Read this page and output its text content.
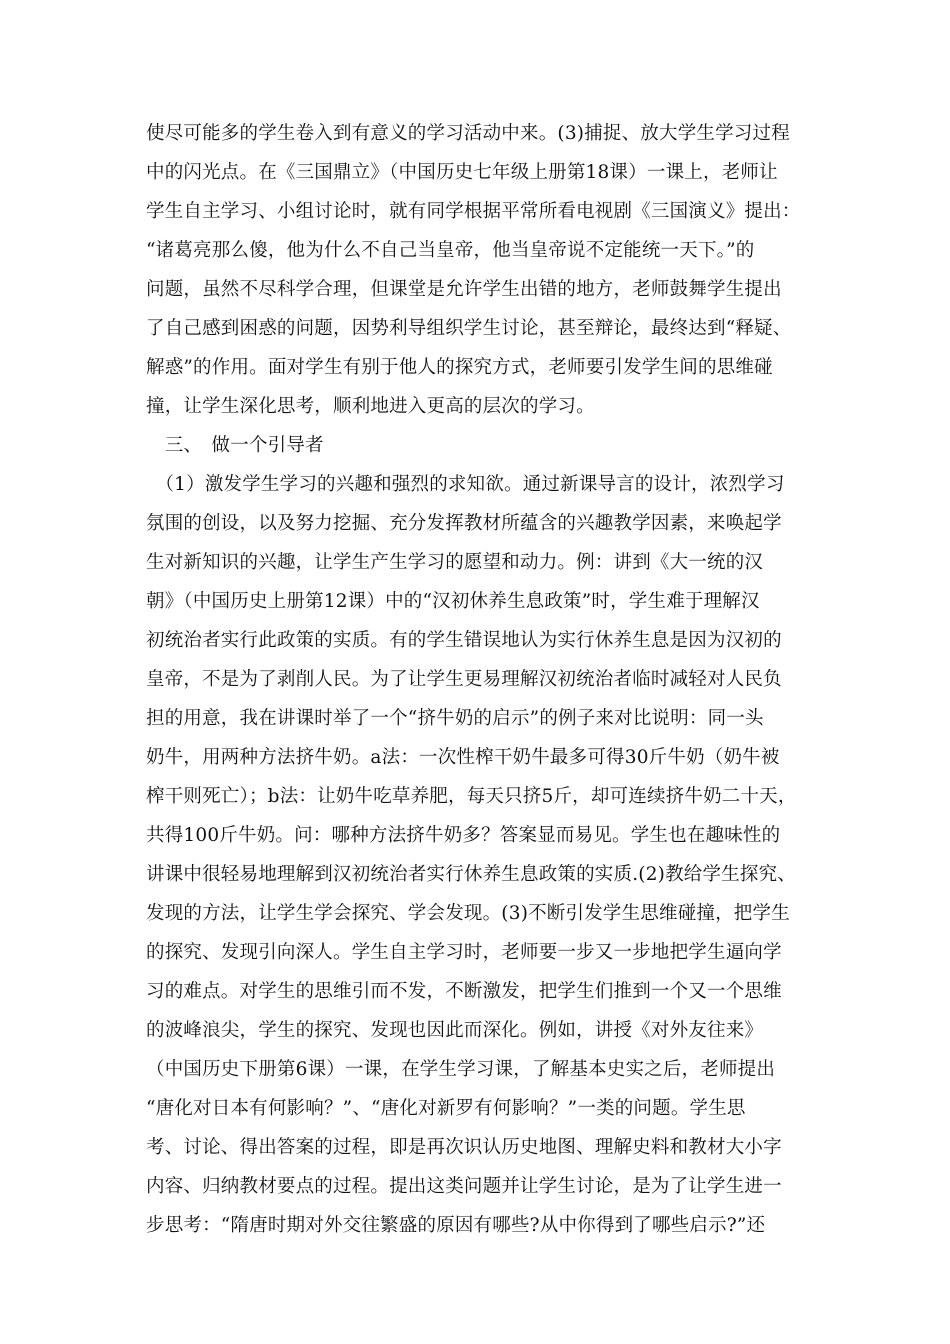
使尽可能多的学生卷入到有意义的学习活动中来。(3)捕捉、放大学生学习过程
中的闪光点。在《三国鼎立》（中国历史七年级上册第18课）一课上，老师让
学生自主学习、小组讨论时，就有同学根据平常所看电视剧《三国演义》提出：
“诸葛亮那么傻，他为什么不自己当皇帝，他当皇帝说不定能统一天下。”的
问题，虽然不尽科学合理，但课堂是允许学生出错的地方，老师鼓舞学生提出
了自己感到困惑的问题，因势利导组织学生讨论，甚至辩论，最终达到“释疑、
解惑”的作用。面对学生有别于他人的探究方式，老师要引发学生间的思维碰
撞，让学生深化思考，顺利地进入更高的层次的学习。
　三、　做一个引导者
　（1）激发学生学习的兴趣和强烈的求知欲。通过新课导言的设计，浓烈学习
氛围的创设，以及努力挖掘、充分发挥教材所蕴含的兴趣教学因素，来唤起学
生对新知识的兴趣，让学生产生学习的愿望和动力。例：讲到《大一统的汉
朝》（中国历史上册第12课）中的“汉初休养生息政策”时，学生难于理解汉
初统治者实行此政策的实质。有的学生错误地认为实行休养生息是因为汉初的
皇帝，不是为了剥削人民。为了让学生更易理解汉初统治者临时减轻对人民负
担的用意，我在讲课时举了一个“挤牛奶的启示”的例子来对比说明：同一头
奶牛，用两种方法挤牛奶。a法：一次性榨干奶牛最多可得30斤牛奶（奶牛被
榨干则死亡）；b法：让奶牛吃草养肥，每天只挤5斤，却可连续挤牛奶二十天，
共得100斤牛奶。问：哪种方法挤牛奶多？答案显而易见。学生也在趣味性的
讲课中很轻易地理解到汉初统治者实行休养生息政策的实质.(2)教给学生探究、
发现的方法，让学生学会探究、学会发现。(3)不断引发学生思维碰撞，把学生
的探究、发现引向深人。学生自主学习时，老师要一步又一步地把学生逼向学
习的难点。对学生的思维引而不发，不断激发，把学生们推到一个又一个思维
的波峰浪尖，学生的探究、发现也因此而深化。例如，讲授《对外友往来》
（中国历史下册第6课）一课，在学生学习课，了解基本史实之后，老师提出
“唐化对日本有何影响？”、“唐化对新罗有何影响？”一类的问题。学生思
考、讨论、得出答案的过程，即是再次识认历史地图、理解史料和教材大小字
内容、归纳教材要点的过程。提出这类问题并让学生讨论，是为了让学生进一
步思考：“隋唐时期对外交往繁盛的原因有哪些?从中你得到了哪些启示?”还
